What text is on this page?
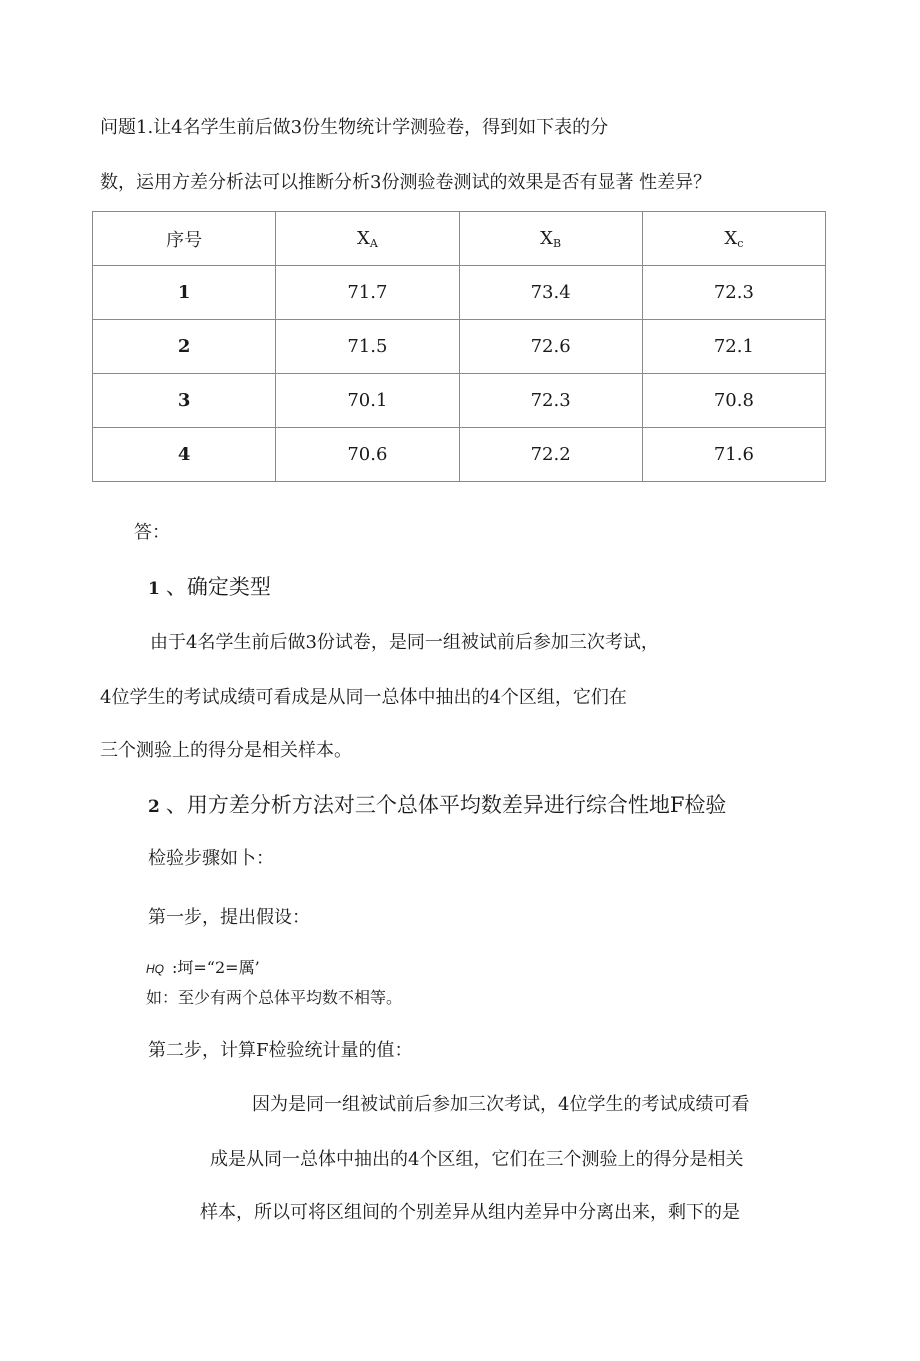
问题1.让4名学生前后做3份生物统计学测验卷，得到如下表的分
数，运用方差分析法可以推断分析3份测验卷测试的效果是否有显著 性差异？
序号	$X_A$	$X_B$	$X_c$
1	71.7	73.4	72.3
2	71.5	72.6	72.1
3	70.1	72.3	70.8
4	70.6	72.2	71.6
答：
1 、确定类型
由于4名学生前后做3份试卷，是同一组被试前后参加三次考试，
4位学生的考试成绩可看成是从同一总体中抽出的4个区组，它们在
三个测验上的得分是相关样本。
2 、用方差分析方法对三个总体平均数差异进行综合性地F检验
检验步骤如卜：
第一步，提出假设：
HQ :坷=“2=厲’
如：至少有两个总体平均数不相等。
第二步，计算F检验统计量的值：
因为是同一组被试前后参加三次考试，4位学生的考试成绩可看
成是从同一总体中抽出的4个区组，它们在三个测验上的得分是相关
样本，所以可将区组间的个别差异从组内差异中分离出来，剩下的是
